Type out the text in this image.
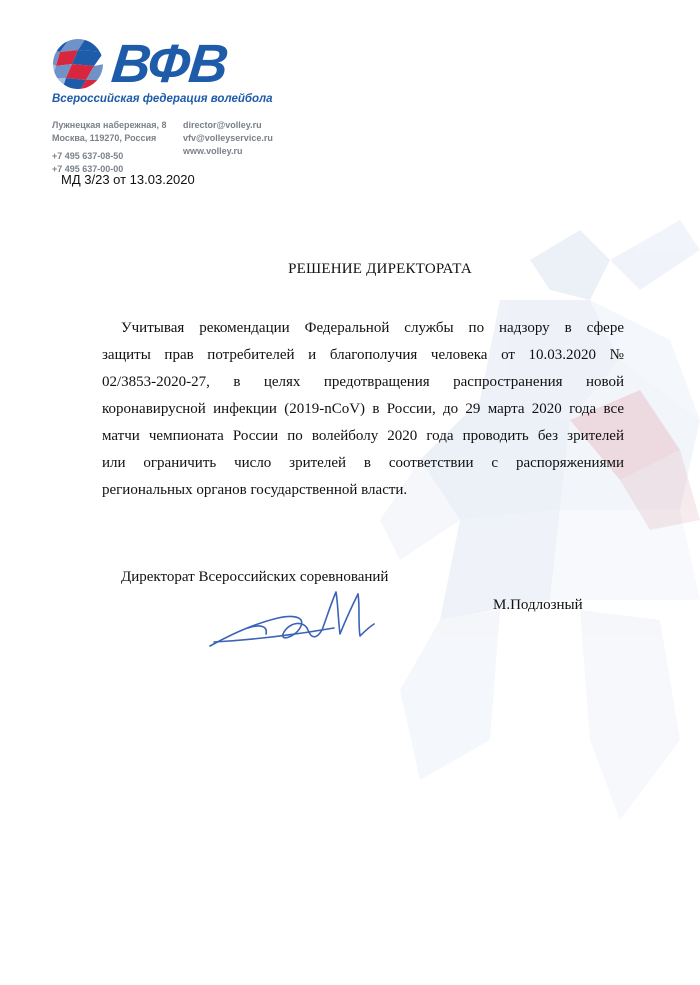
ВФВ
Всероссийская федерация волейбола
Лужнецкая набережная, 8
Москва, 119270, Россия
+7 495 637-08-50
+7 495 637-00-00
director@volley.ru
vfv@volleyservice.ru
www.volley.ru
МД 3/23 от 13.03.2020
РЕШЕНИЕ ДИРЕКТОРАТА

Учитывая рекомендации Федеральной службы по надзору в сфере
защиты прав потребителей и благополучия человека от 10.03.2020 №
02/3853-2020-27, в целях предотвращения распространения новой
коронавирусной инфекции (2019-nCoV) в России, до 29 марта 2020 года все
матчи чемпионата России по волейболу 2020 года проводить без зрителей
или ограничить число зрителей в соответствии с распоряжениями
региональных органов государственной власти.

Директорат Всероссийских соревнований
М.Подлозный
